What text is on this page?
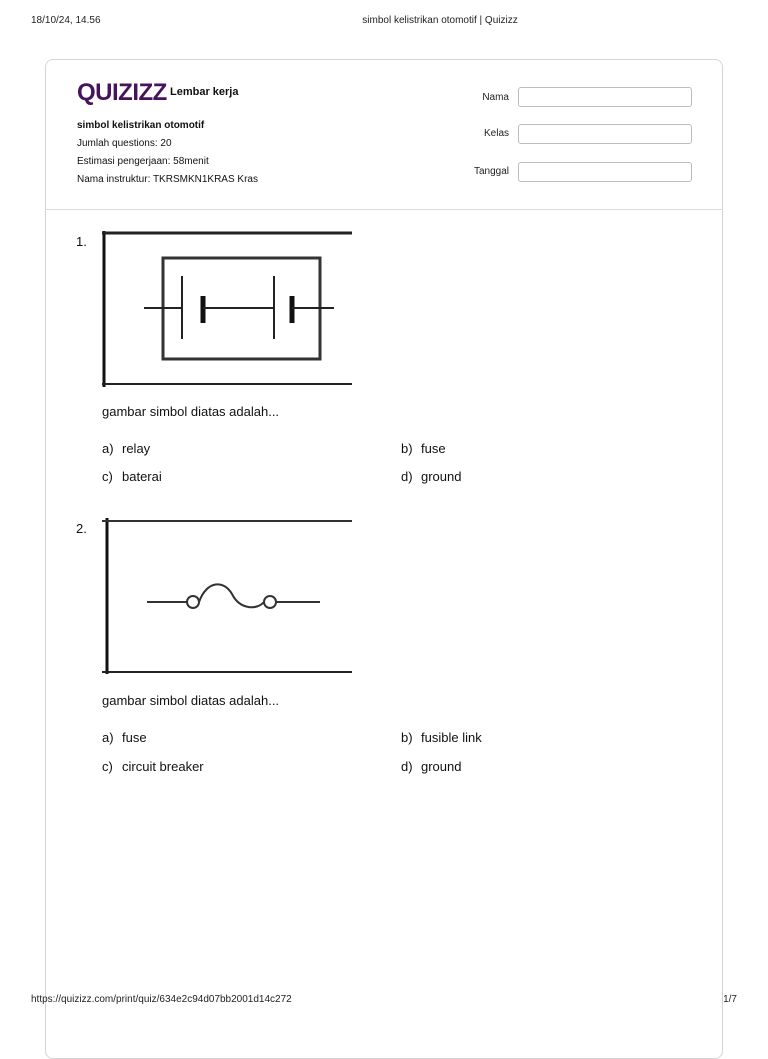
18/10/24, 14.56	simbol kelistrikan otomotif | Quizizz
QUIZIZZ Lembar kerja
simbol kelistrikan otomotif
Jumlah questions: 20
Estimasi pengerjaan: 58menit
Nama instruktur: TKRSMKN1KRAS Kras
Nama
Kelas
Tanggal
1.
gambar simbol diatas adalah...
a) relay	b) fuse
c) baterai	d) ground
2.
gambar simbol diatas adalah...
a) fuse	b) fusible link
c) circuit breaker	d) ground
https://quizizz.com/print/quiz/634e2c94d07bb2001d14c272	1/7
